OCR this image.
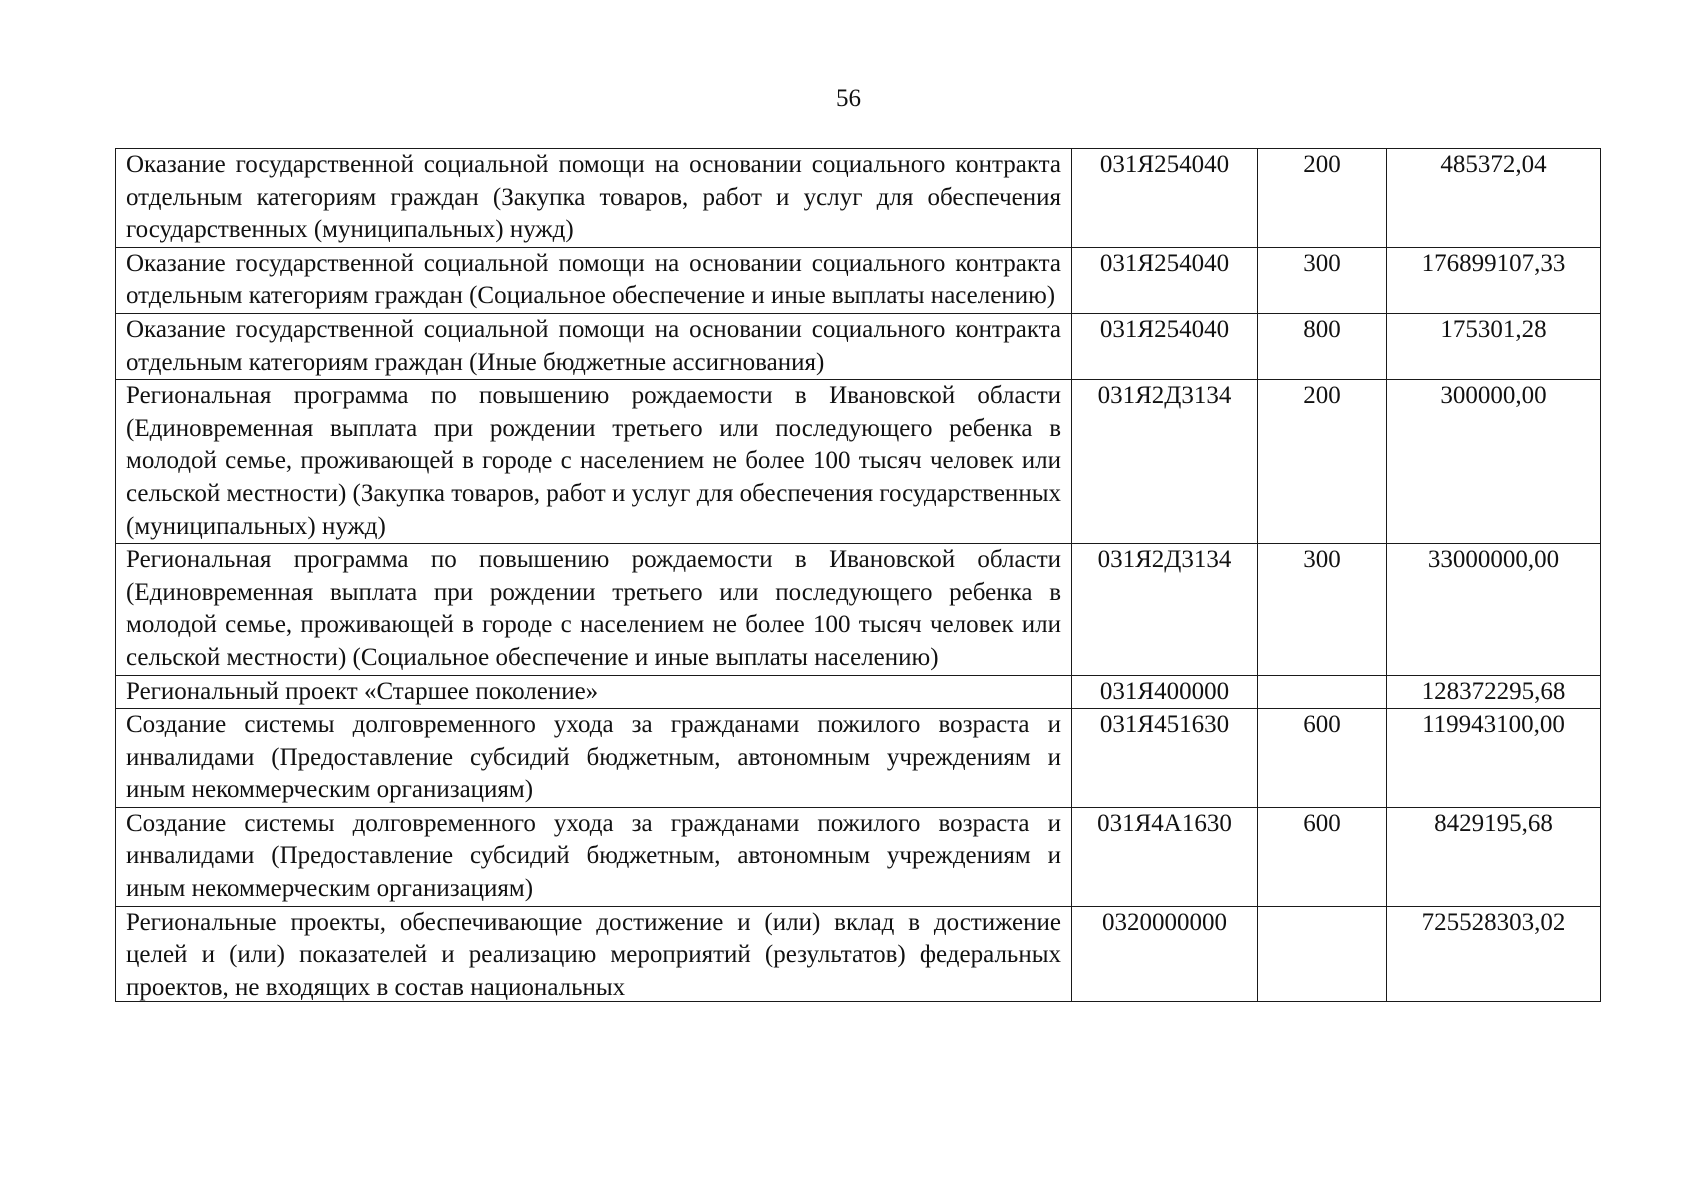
56
Оказание государственной социальной помощи на основании социального контракта отдельным категориям граждан (Закупка товаров, работ и услуг для обеспечения государственных (муниципальных) нужд)	031Я254040	200	485372,04
Оказание государственной социальной помощи на основании социального контракта отдельным категориям граждан (Социальное обеспечение и иные выплаты населению)	031Я254040	300	176899107,33
Оказание государственной социальной помощи на основании социального контракта отдельным категориям граждан (Иные бюджетные ассигнования)	031Я254040	800	175301,28
Региональная программа по повышению рождаемости в Ивановской области (Единовременная выплата при рождении третьего или последующего ребенка в молодой семье, проживающей в городе с населением не более 100 тысяч человек или сельской местности) (Закупка товаров, работ и услуг для обеспечения государственных (муниципальных) нужд)	031Я2Д3134	200	300000,00
Региональная программа по повышению рождаемости в Ивановской области (Единовременная выплата при рождении третьего или последующего ребенка в молодой семье, проживающей в городе с населением не более 100 тысяч человек или сельской местности) (Социальное обеспечение и иные выплаты населению)	031Я2Д3134	300	33000000,00
Региональный проект «Старшее поколение»	031Я400000		128372295,68
Создание системы долговременного ухода за гражданами пожилого возраста и инвалидами (Предоставление субсидий бюджетным, автономным учреждениям и иным некоммерческим организациям)	031Я451630	600	119943100,00
Создание системы долговременного ухода за гражданами пожилого возраста и инвалидами (Предоставление субсидий бюджетным, автономным учреждениям и иным некоммерческим организациям)	031Я4А1630	600	8429195,68

Региональные проекты, обеспечивающие достижение и (или) вклад в достижение целей и (или) показателей и реализацию мероприятий (результатов) федеральных проектов, не входящих в состав национальных	0320000000		725528303,02
